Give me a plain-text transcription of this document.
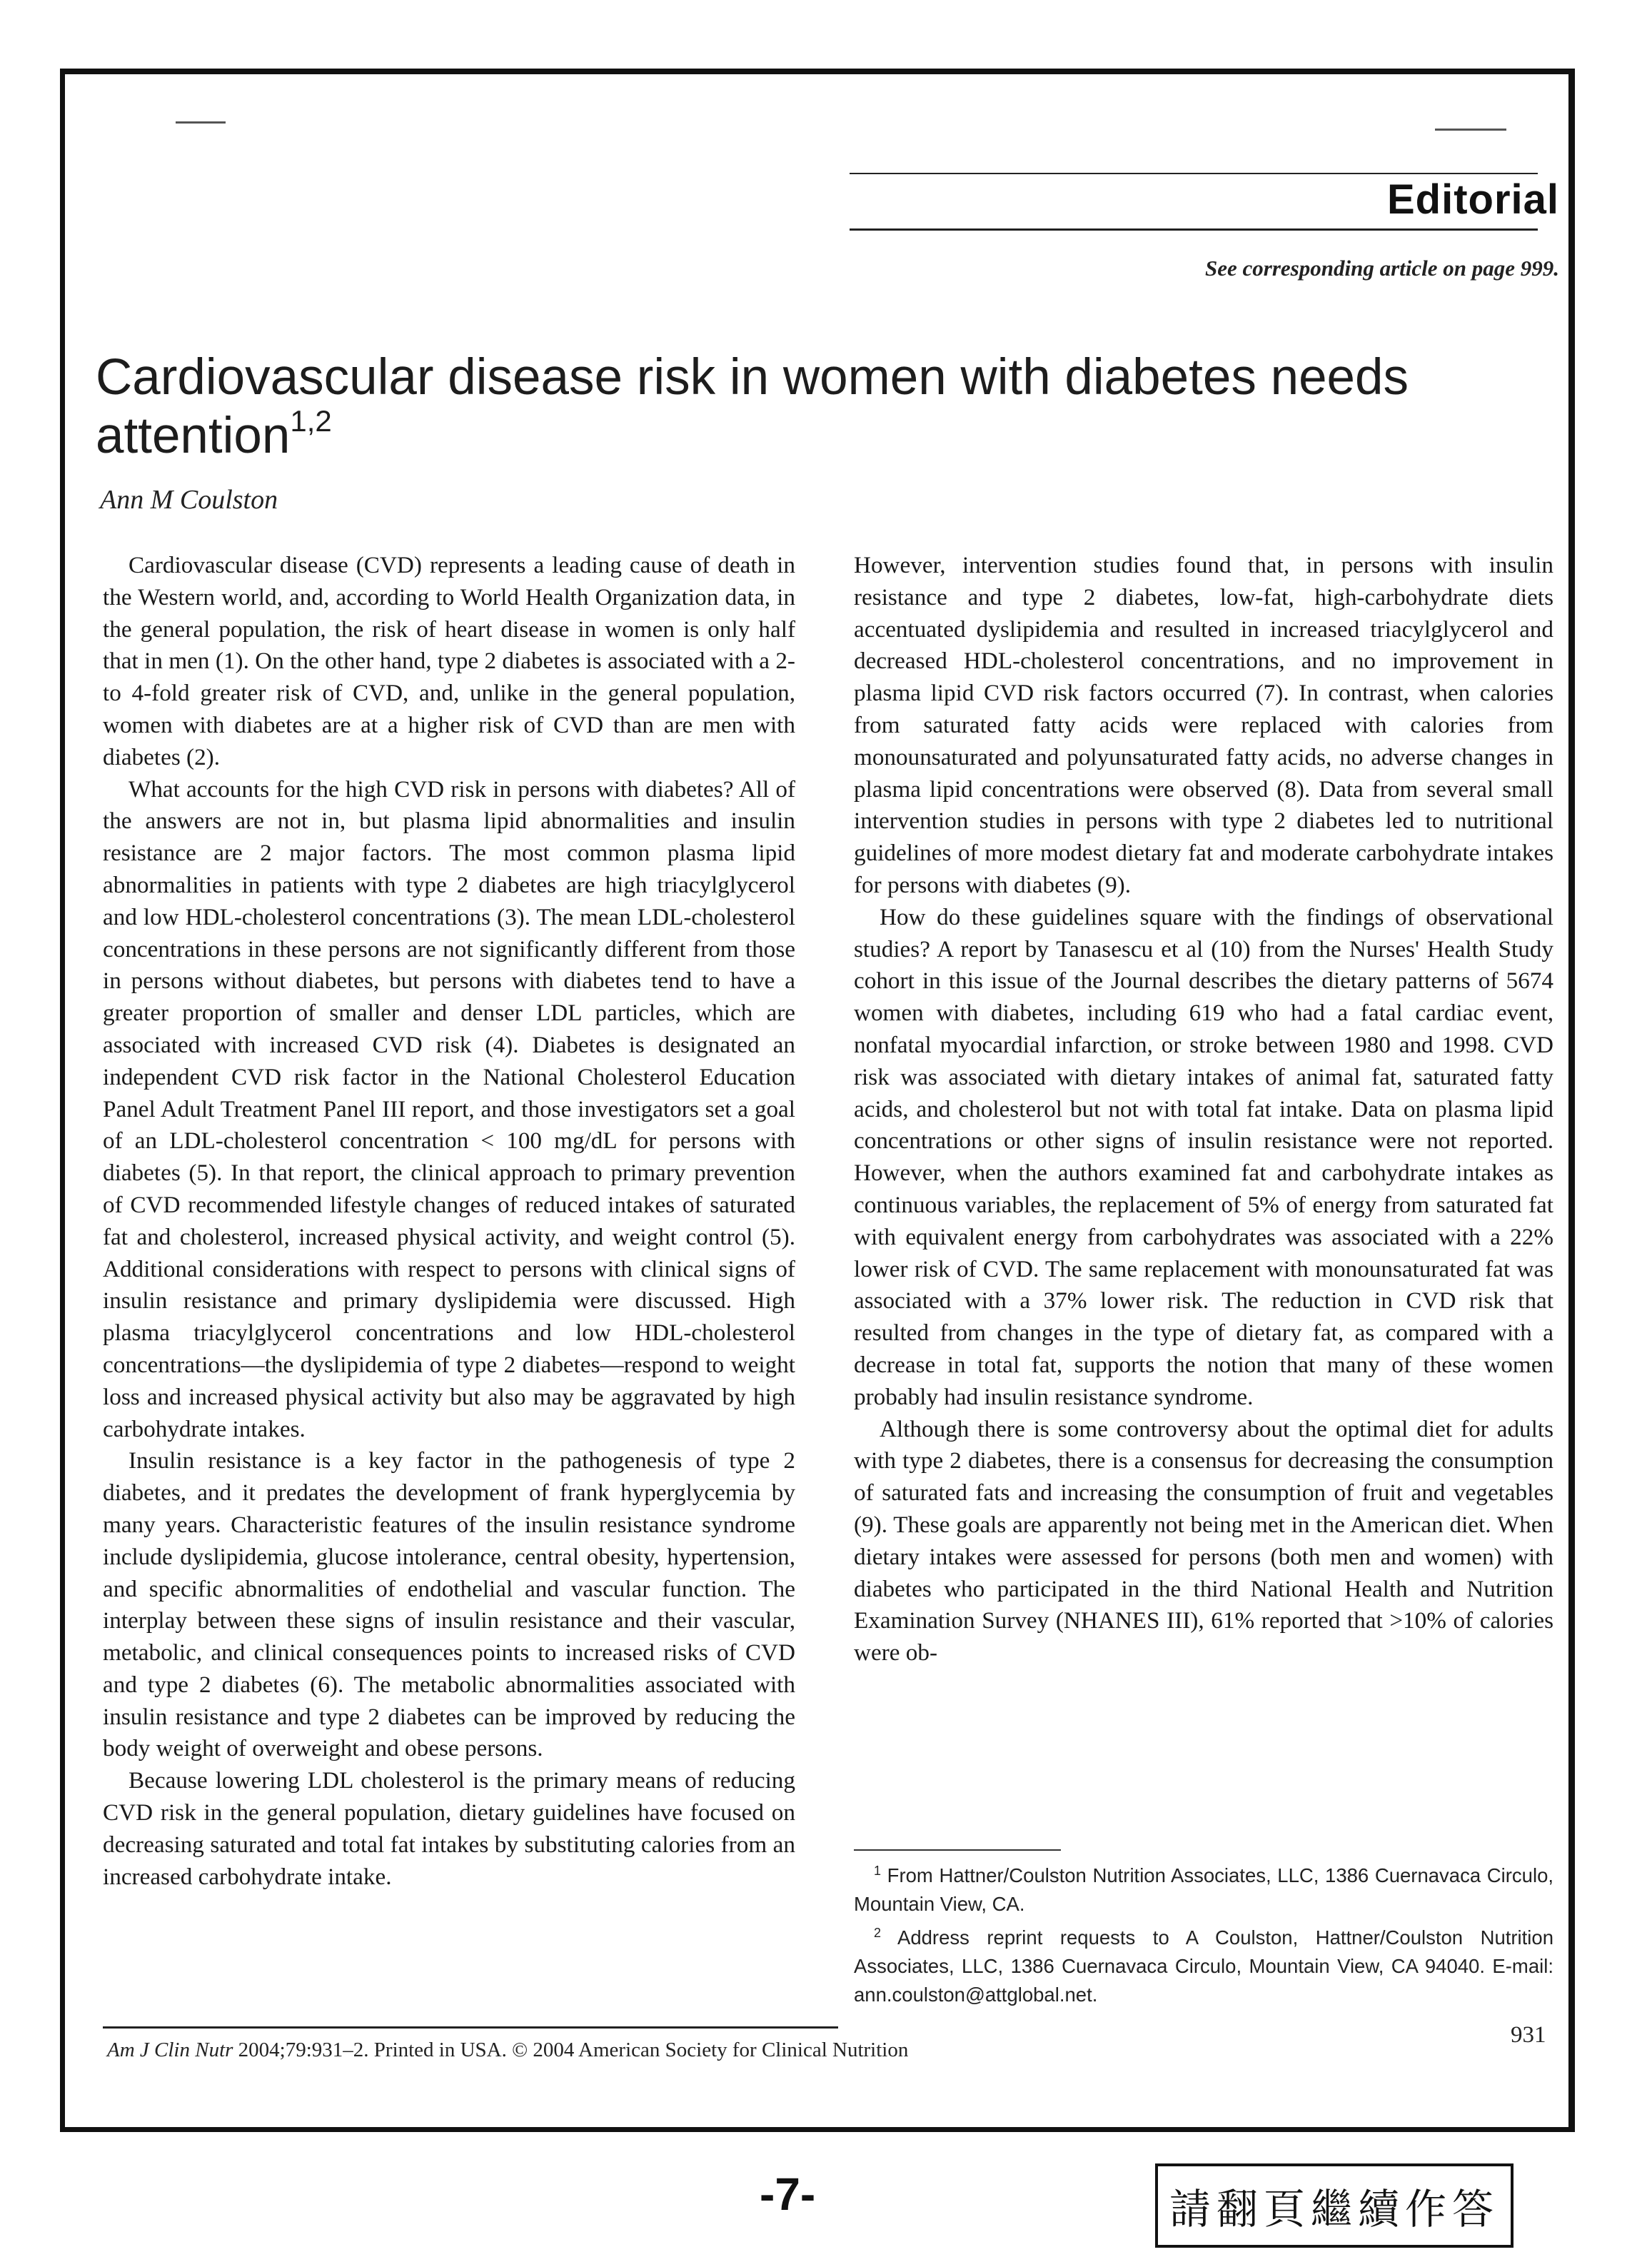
Editorial
See corresponding article on page 999.
Cardiovascular disease risk in women with diabetes needs attention$^{1,2}$
Ann M Coulston

Cardiovascular disease (CVD) represents a leading cause of death in the Western world, and, according to World Health Organization data, in the general population, the risk of heart disease in women is only half that in men (1). On the other hand, type 2 diabetes is associated with a 2- to 4-fold greater risk of CVD, and, unlike in the general population, women with diabetes are at a higher risk of CVD than are men with diabetes (2).

What accounts for the high CVD risk in persons with diabetes? All of the answers are not in, but plasma lipid abnormalities and insulin resistance are 2 major factors. The most common plasma lipid abnormalities in patients with type 2 diabetes are high triacylglycerol and low HDL-cholesterol concentrations (3). The mean LDL-cholesterol concentrations in these persons are not significantly different from those in persons without diabetes, but persons with diabetes tend to have a greater proportion of smaller and denser LDL particles, which are associated with increased CVD risk (4). Diabetes is designated an independent CVD risk factor in the National Cholesterol Education Panel Adult Treatment Panel III report, and those investigators set a goal of an LDL-cholesterol concentration < 100 mg/dL for persons with diabetes (5). In that report, the clinical approach to primary prevention of CVD recommended lifestyle changes of reduced intakes of saturated fat and cholesterol, increased physical activity, and weight control (5). Additional considerations with respect to persons with clinical signs of insulin resistance and primary dyslipidemia were discussed. High plasma triacylglycerol concentrations and low HDL-cholesterol concentrations—the dyslipidemia of type 2 diabetes—respond to weight loss and increased physical activity but also may be aggravated by high carbohydrate intakes.

Insulin resistance is a key factor in the pathogenesis of type 2 diabetes, and it predates the development of frank hyperglycemia by many years. Characteristic features of the insulin resistance syndrome include dyslipidemia, glucose intolerance, central obesity, hypertension, and specific abnormalities of endothelial and vascular function. The interplay between these signs of insulin resistance and their vascular, metabolic, and clinical consequences points to increased risks of CVD and type 2 diabetes (6). The metabolic abnormalities associated with insulin resistance and type 2 diabetes can be improved by reducing the body weight of overweight and obese persons.

Because lowering LDL cholesterol is the primary means of reducing CVD risk in the general population, dietary guidelines have focused on decreasing saturated and total fat intakes by substituting calories from an increased carbohydrate intake.

However, intervention studies found that, in persons with insulin resistance and type 2 diabetes, low-fat, high-carbohydrate diets accentuated dyslipidemia and resulted in increased triacylglycerol and decreased HDL-cholesterol concentrations, and no improvement in plasma lipid CVD risk factors occurred (7). In contrast, when calories from saturated fatty acids were replaced with calories from monounsaturated and polyunsaturated fatty acids, no adverse changes in plasma lipid concentrations were observed (8). Data from several small intervention studies in persons with type 2 diabetes led to nutritional guidelines of more modest dietary fat and moderate carbohydrate intakes for persons with diabetes (9).

How do these guidelines square with the findings of observational studies? A report by Tanasescu et al (10) from the Nurses' Health Study cohort in this issue of the Journal describes the dietary patterns of 5674 women with diabetes, including 619 who had a fatal cardiac event, nonfatal myocardial infarction, or stroke between 1980 and 1998. CVD risk was associated with dietary intakes of animal fat, saturated fatty acids, and cholesterol but not with total fat intake. Data on plasma lipid concentrations or other signs of insulin resistance were not reported. However, when the authors examined fat and carbohydrate intakes as continuous variables, the replacement of 5% of energy from saturated fat with equivalent energy from carbohydrates was associated with a 22% lower risk of CVD. The same replacement with monounsaturated fat was associated with a 37% lower risk. The reduction in CVD risk that resulted from changes in the type of dietary fat, as compared with a decrease in total fat, supports the notion that many of these women probably had insulin resistance syndrome.

Although there is some controversy about the optimal diet for adults with type 2 diabetes, there is a consensus for decreasing the consumption of saturated fats and increasing the consumption of fruit and vegetables (9). These goals are apparently not being met in the American diet. When dietary intakes were assessed for persons (both men and women) with diabetes who participated in the third National Health and Nutrition Examination Survey (NHANES III), 61% reported that >10% of calories were ob-

$^1$ From Hattner/Coulston Nutrition Associates, LLC, 1386 Cuernavaca Circulo, Mountain View, CA.

$^2$ Address reprint requests to A Coulston, Hattner/Coulston Nutrition Associates, LLC, 1386 Cuernavaca Circulo, Mountain View, CA 94040. E-mail: ann.coulston@attglobal.net.

Am J Clin Nutr 2004;79:931–2. Printed in USA. © 2004 American Society for Clinical Nutrition
931
-7-	請翻頁繼續作答
